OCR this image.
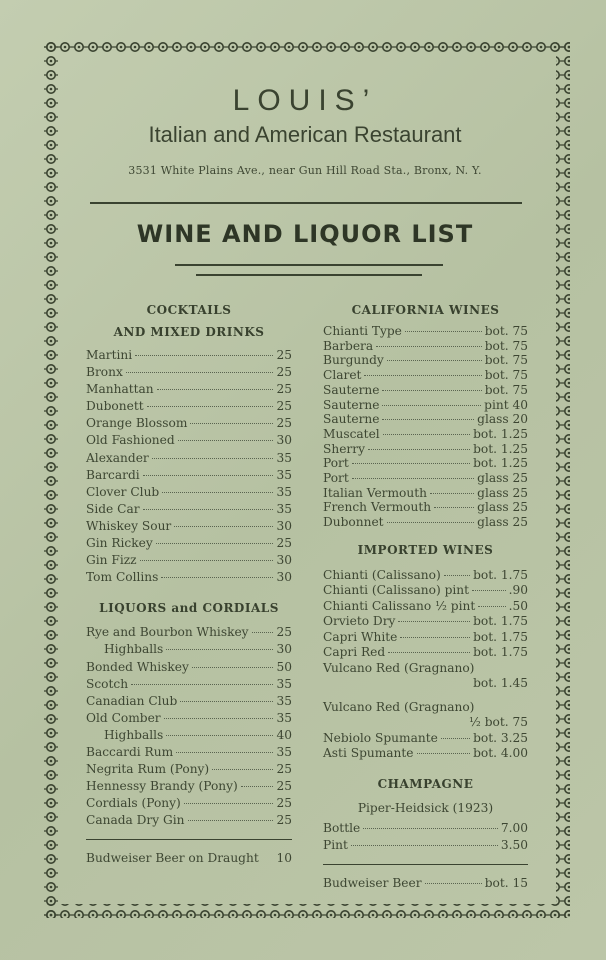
LOUIS’
Italian and American Restaurant
3531 White Plains Ave., near Gun Hill Road Sta., Bronx, N. Y.
WINE AND LIQUOR LIST
COCKTAILS
AND MIXED DRINKS
Martini	25
Bronx	25
Manhattan	25
Dubonett	25
Orange Blossom	25
Old Fashioned	30
Alexander	35
Barcardi	35
Clover Club	35
Side Car	35
Whiskey Sour	30
Gin Rickey	25
Gin Fizz	30
Tom Collins	30
LIQUORS and CORDIALS
Rye and Bourbon Whiskey 25
Highballs	30
Bonded Whiskey	50
Scotch	35
Canadian Club	35
Old Comber	35
Highballs	40
Baccardi Rum	35
Negrita Rum (Pony)	25
Hennessy Brandy (Pony)	25
Cordials (Pony)	25
Canada Dry Gin	25
Budweiser Beer on Draught 10
CALIFORNIA WINES
Chianti Type	bot. 75
Barbera	bot. 75
Burgundy	bot. 75
Claret	bot. 75
Sauterne	bot. 75
Sauterne	pint 40
Sauterne	glass 20
Muscatel	bot. 1.25
Sherry	bot. 1.25
Port	bot. 1.25
Port	glass 25
Italian Vermouth	glass 25
French Vermouth	glass 25
Dubonnet	glass 25
IMPORTED WINES
Chianti (Calissano)	bot. 1.75
Chianti (Calissano) pint	.90
Chianti Calissano ½ pint	.50
Orvieto Dry	bot. 1.75
Capri White	bot. 1.75
Capri Red	bot. 1.75
Vulcano Red (Gragnano)
bot. 1.45
Vulcano Red (Gragnano)
½ bot. 75
Nebiolo Spumante	bot. 3.25
Asti Spumante	bot. 4.00
CHAMPAGNE
Piper-Heidsick (1923)
Bottle	7.00
Pint	3.50
Budweiser Beer	bot. 15
